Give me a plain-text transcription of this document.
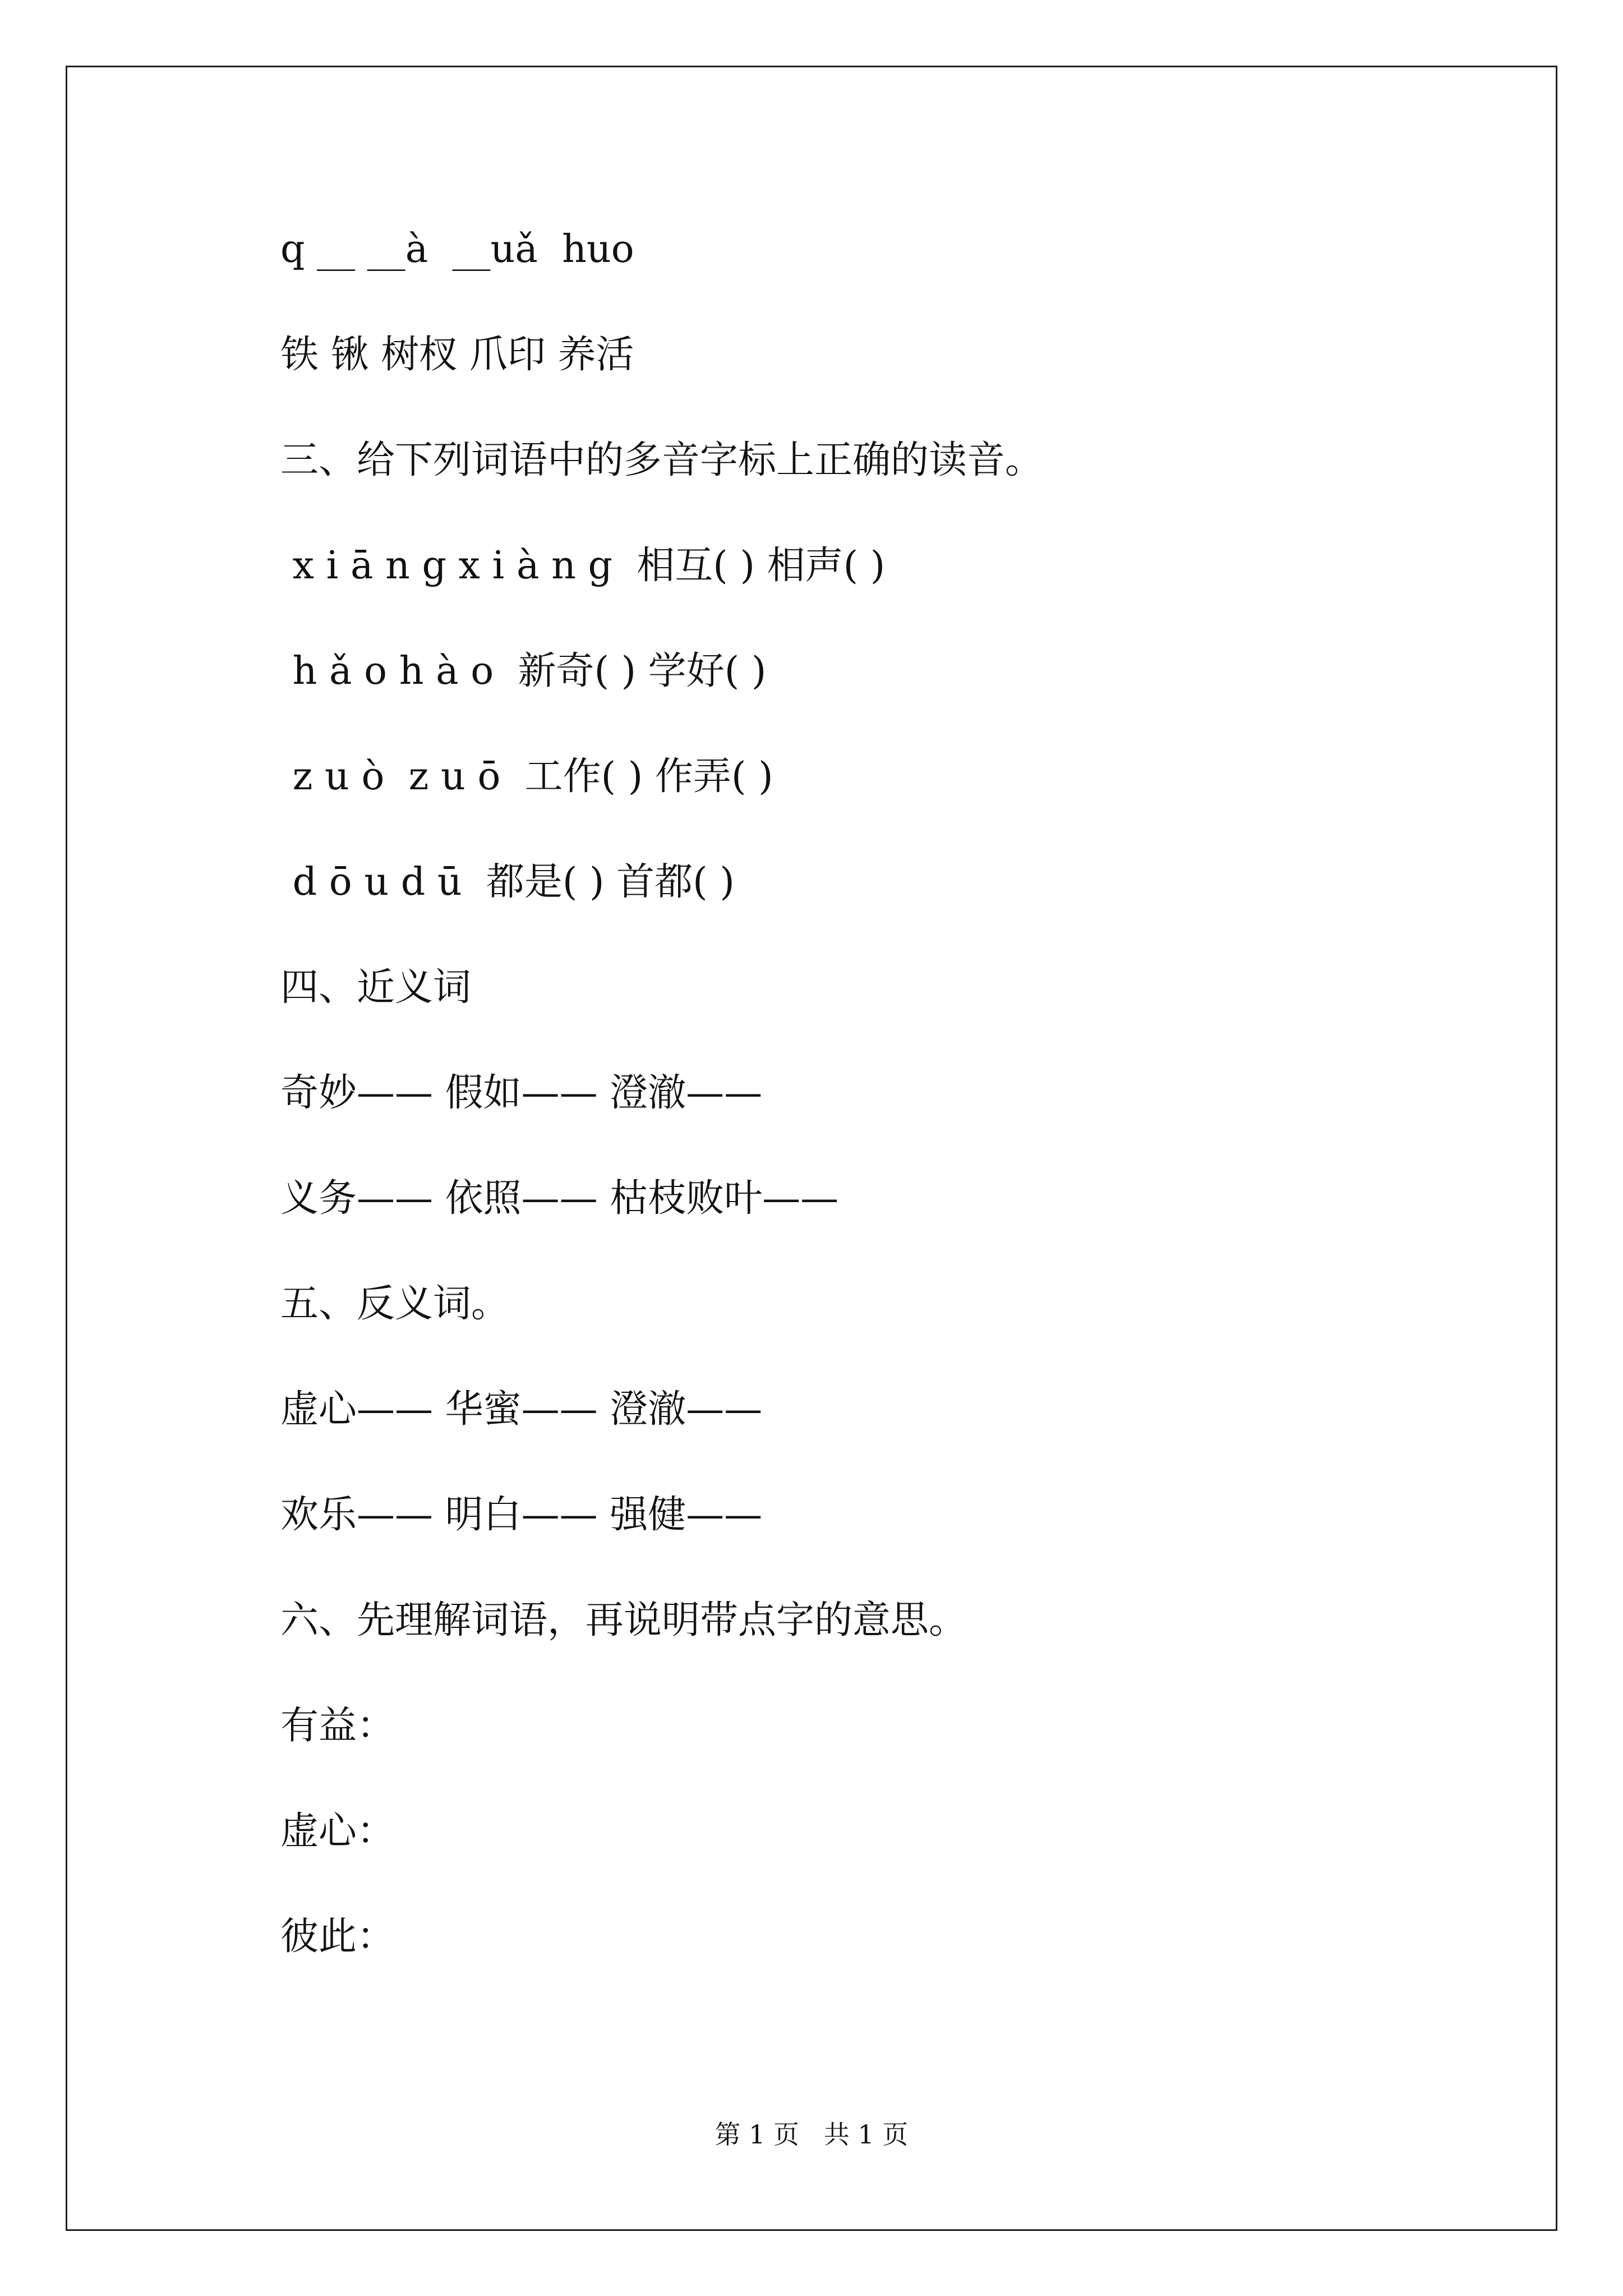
q __ __à  __uǎ  huo
铁 锹 树杈 爪印 养活
三、给下列词语中的多音字标上正确的读音。
x i ā n g x i à n g  相互( ) 相声( )
h ǎ o h à o  新奇( ) 学好( )
z u ò  z u ō  工作( ) 作弄( )
d ō u d ū  都是( ) 首都( )
四、近义词
奇妙—— 假如—— 澄澈——
义务—— 依照—— 枯枝败叶——
五、反义词。
虚心—— 华蜜—— 澄澈——
欢乐—— 明白—— 强健——
六、先理解词语，再说明带点字的意思。
有益：
虚心：
彼此：
第 1 页   共 1 页
